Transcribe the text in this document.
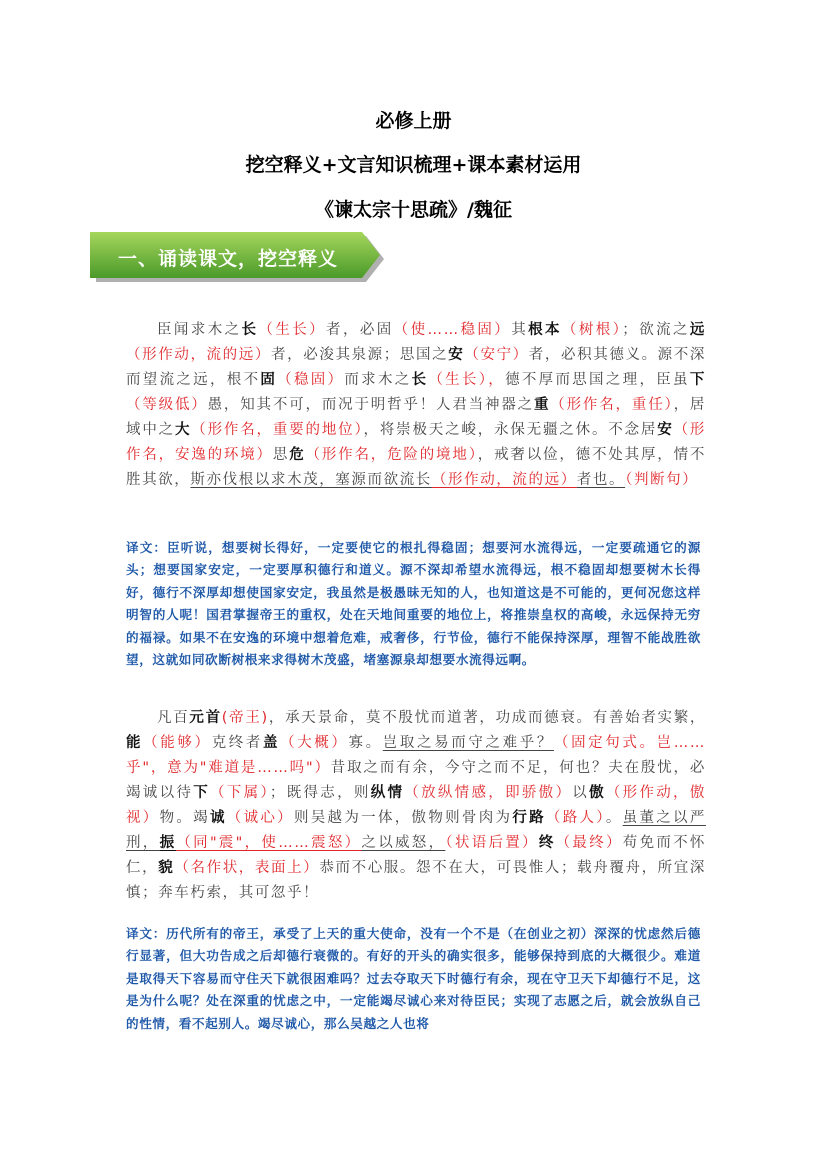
必修上册
挖空释义+文言知识梳理+课本素材运用
《谏太宗十思疏》/魏征
一、诵读课文，挖空释义
臣闻求木之长（生长）者，必固（使……稳固）其根本（树根）；欲流之远（形作动，流的远）者，必浚其泉源；思国之安（安宁）者，必积其德义。源不深而望流之远，根不固（稳固）而求木之长（生长），德不厚而思国之理，臣虽下（等级低）愚，知其不可，而况于明哲乎！人君当神器之重（形作名，重任），居域中之大（形作名，重要的地位），将崇极天之峻，永保无疆之休。不念居安（形作名，安逸的环境）思危（形作名，危险的境地），戒奢以俭，德不处其厚，情不胜其欲，斯亦伐根以求木茂，塞源而欲流长（形作动，流的远）者也。（判断句）
译文：臣听说，想要树长得好，一定要使它的根扎得稳固；想要河水流得远，一定要疏通它的源头；想要国家安定，一定要厚积德行和道义。源不深却希望水流得远，根不稳固却想要树木长得好，德行不深厚却想使国家安定，我虽然是极愚昧无知的人，也知道这是不可能的，更何况您这样明智的人呢！国君掌握帝王的重权，处在天地间重要的地位上，将推崇皇权的高峻，永远保持无穷的福禄。如果不在安逸的环境中想着危难，戒奢侈，行节俭，德行不能保持深厚，理智不能战胜欲望，这就如同砍断树根来求得树木茂盛，堵塞源泉却想要水流得远啊。
凡百元首(帝王)，承天景命，莫不殷忧而道著，功成而德衰。有善始者实繁，能（能够）克终者盖（大概）寡。岂取之易而守之难乎？（固定句式。岂……乎"，意为"难道是……吗"）昔取之而有余，今守之而不足，何也？夫在殷忧，必竭诚以待下（下属）；既得志，则纵情（放纵情感，即骄傲）以傲（形作动，傲视）物。竭诚（诚心）则吴越为一体，傲物则骨肉为行路（路人）。虽董之以严刑，振（同"震"，使……震怒）之以威怒，（状语后置）终（最终）苟免而不怀仁，貌（名作状，表面上）恭而不心服。怨不在大，可畏惟人；载舟覆舟，所宜深慎；奔车朽索，其可忽乎！
译文：历代所有的帝王，承受了上天的重大使命，没有一个不是（在创业之初）深深的忧虑然后德行显著，但大功告成之后却德行衰微的。有好的开头的确实很多，能够保持到底的大概很少。难道是取得天下容易而守住天下就很困难吗？过去夺取天下时德行有余，现在守卫天下却德行不足，这是为什么呢？处在深重的忧虑之中，一定能竭尽诚心来对待臣民；实现了志愿之后，就会放纵自己的性情，看不起别人。竭尽诚心，那么吴越之人也将
